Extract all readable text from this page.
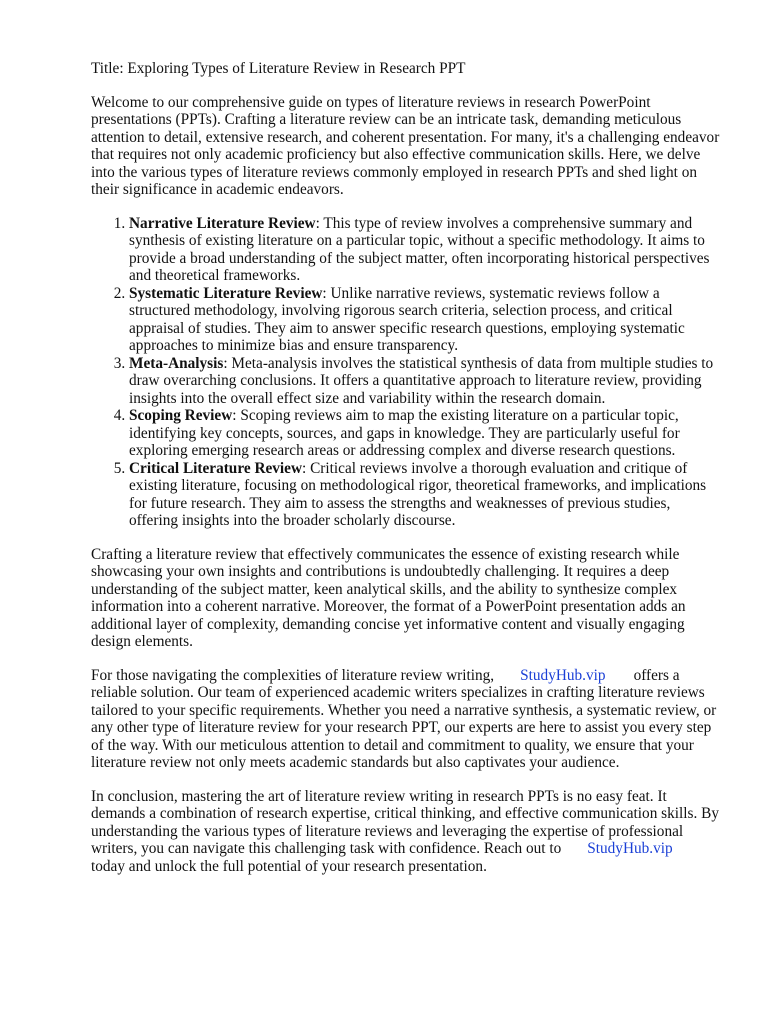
Title: Exploring Types of Literature Review in Research PPT

Welcome to our comprehensive guide on types of literature reviews in research PowerPoint presentations (PPTs). Crafting a literature review can be an intricate task, demanding meticulous attention to detail, extensive research, and coherent presentation. For many, it's a challenging endeavor that requires not only academic proficiency but also effective communication skills. Here, we delve into the various types of literature reviews commonly employed in research PPTs and shed light on their significance in academic endeavors.

1. Narrative Literature Review: This type of review involves a comprehensive summary and synthesis of existing literature on a particular topic, without a specific methodology. It aims to provide a broad understanding of the subject matter, often incorporating historical perspectives and theoretical frameworks.
2. Systematic Literature Review: Unlike narrative reviews, systematic reviews follow a structured methodology, involving rigorous search criteria, selection process, and critical appraisal of studies. They aim to answer specific research questions, employing systematic approaches to minimize bias and ensure transparency.
3. Meta-Analysis: Meta-analysis involves the statistical synthesis of data from multiple studies to draw overarching conclusions. It offers a quantitative approach to literature review, providing insights into the overall effect size and variability within the research domain.
4. Scoping Review: Scoping reviews aim to map the existing literature on a particular topic, identifying key concepts, sources, and gaps in knowledge. They are particularly useful for exploring emerging research areas or addressing complex and diverse research questions.
5. Critical Literature Review: Critical reviews involve a thorough evaluation and critique of existing literature, focusing on methodological rigor, theoretical frameworks, and implications for future research. They aim to assess the strengths and weaknesses of previous studies, offering insights into the broader scholarly discourse.

Crafting a literature review that effectively communicates the essence of existing research while showcasing your own insights and contributions is undoubtedly challenging. It requires a deep understanding of the subject matter, keen analytical skills, and the ability to synthesize complex information into a coherent narrative. Moreover, the format of a PowerPoint presentation adds an additional layer of complexity, demanding concise yet informative content and visually engaging design elements.

For those navigating the complexities of literature review writing, StudyHub.vip offers a reliable solution. Our team of experienced academic writers specializes in crafting literature reviews tailored to your specific requirements. Whether you need a narrative synthesis, a systematic review, or any other type of literature review for your research PPT, our experts are here to assist you every step of the way. With our meticulous attention to detail and commitment to quality, we ensure that your literature review not only meets academic standards but also captivates your audience.

In conclusion, mastering the art of literature review writing in research PPTs is no easy feat. It demands a combination of research expertise, critical thinking, and effective communication skills. By understanding the various types of literature reviews and leveraging the expertise of professional writers, you can navigate this challenging task with confidence. Reach out to StudyHub.vip
today and unlock the full potential of your research presentation.
